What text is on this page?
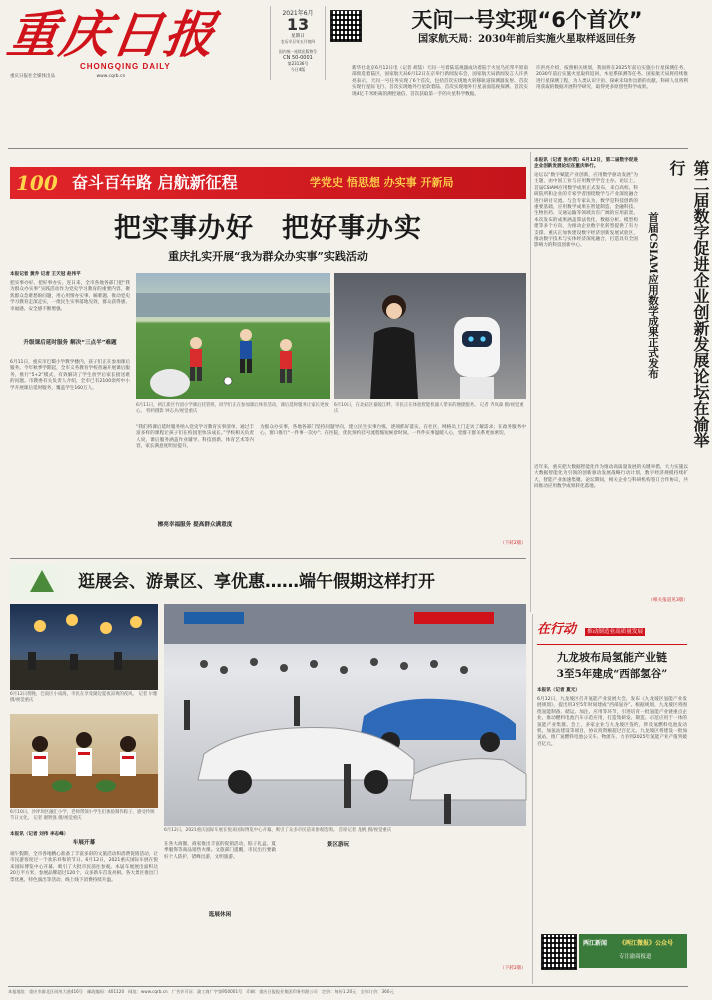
重庆日报
CHONGQING DAILY
重庆日报社全媒体出品	www.cqrb.cn
2021年6月
13
星期日
农历辛丑年五月初四
国内统一连续出版物号
CN 50-0001
第23136号
今日4版
天问一号实现“6个首次”
国家航天局：2030年前后实施火星取样返回任务
新华社北京6月12日电（记者 胡喆）天问一号着陆巡视器成功着陆于火星乌托邦平原南部预选着陆区，国家航天局6月12日在京举行新闻发布会，国家航天局新闻发言人许洪亮表示，天问一号任务实现了6个首次，包括首次实现地火转移轨道探测器发射、首次实现行星际飞行、首次实现地外行星软着陆、首次实现地外行星表面巡视探测、首次实现4亿千米距离的测控通信、首次获取第一手的火星科学数据。
许洪亮介绍，按照相关规划，我国将在2025年前后实施小行星探测任务，2030年前后实施火星取样返回、木星系探测等任务。国家航天局将持续推进行星探测工程，为人类认识宇宙、探索未知作出新的贡献。科研人员将利用获取的数据开展科学研究，取得更多原创性科学成果。
100 奋斗百年路 启航新征程	学党史 悟思想 办实事 开新局
把实事办好　把好事办实
重庆扎实开展“我为群众办实事”实践活动
本报记者 黄乔 记者 王天冠 赵伟平
把实事办好、把好事办实。连日来，全市各地各部门把“我为群众办实事”实践活动作为党史学习教育的重要内容，聚焦群众急难愁盼问题，用心用情办实事、解难题，推动党史学习教育走深走实，一批民生实事落地见效，群众获得感、幸福感、安全感不断增强。
升级课后延时服务 解决“三点半”难题
6月11日，重庆市巴蜀小学教学楼内，孩子们正在参加课后服务。今年秋季学期起，全市义务教育学校普遍开展课后服务，推行“5+2”模式，有效解决了学生放学后家长接送难的问题。市教委有关负责人介绍，全市已有2100余所中小学开展课后延时服务，覆盖学生160万人。
6月11日，两江新区竹园小学课后托管班，同学们正在参加课后体育活动，课后延时服务让家长更放心。 特约摄影 钟志兵/视觉重庆
6月10日，在北碚区嘉陵江畔，市民正在体验智能机器人带来的便捷服务。 记者 齐岚森 摄/视觉重庆
“我们将课后延时服务纳入党史学习教育实事清单，通过丰富多样的课程让孩子们在校园里快乐成长。”学校相关负责人说，课后服务涵盖作业辅导、科技创新、体育艺术等内容，家长满意度明显提升。
擦亮幸福服务 提高群众满意度
为群众办实事，各地各部门坚持问题导向，建立民生实事台账，逐项抓好落实。在社区，网格员上门走访了解需求；在政务服务中心，窗口推行“一件事一次办”；在医院，优化预约挂号流程缩短候诊时间。一件件实事温暖人心，党群干群关系更加密切。
（下转2版）
本报讯（记者 张亦筑）6月12日，第二届数字促进企业创新发展论坛在重庆举行。
论坛以“数字赋能产业创新，应用数学驱动发展”为主题，由中国工业与应用数学学会主办。论坛上，首届CSIAM应用数学成果正式发布，来自高校、科研院所和企业的专家学者围绕数学与产业深度融合进行研讨交流。与会专家认为，数学是科技创新的重要基础，应用数学成果在智能制造、金融科技、生物医药、交通运输等领域具有广阔的应用前景。本次发布的成果涵盖算法优化、数据分析、模型构建等多个方向，为推动企业数字化转型提供了有力支撑。重庆正加快建设数字经济创新发展试验区，推动数字技术与实体经济深度融合，打造具有全国影响力的科技创新中心。
近年来，重庆把大数据智能化作为推动高质量发展的关键举措，大力实施以大数据智能化为引领的创新驱动发展战略行动计划，数字经济规模持续扩大，智能产业加速集聚。论坛期间，相关企业与科研机构签订合作协议，共同推动应用数学成果转化落地。
第二届数字促进企业创新发展论坛在渝举行
首届CSIAM应用数学成果正式发布
（相关报道见3版）
逛展会、游景区、享优惠……端午假期这样打开
6月12日傍晚，巴南区小南海，市民在享受湖边夏夜凉爽的夜风。 记者 尔雅 摄/视觉重庆
6月10日，沙坪坝区融汇小学，老师带领小学生们体验制作粽子，感受传统节日文化。 记者 谢智强 摄/视觉重庆
6月12日，2021重庆国际车展在悦来国际博览中心开幕，吸引了众多市民前来参观选购。 首席记者 龙帆 摄/视觉重庆
本报讯（记者 刘伟 李志峰）
车展开幕
端午假期，全市各地精心准备了丰富多彩的文旅活动和消费促销活动，让市民游客度过一个欢乐祥和的节日。6月12日，2021重庆国际车展在悦来国际博览中心开幕，吸引了大批市民前往参观。本届车展展出面积达20万平方米，参展品牌超过120个，众多新车首发亮相。各大景区推出门票优惠、特色演出等活动，线上线下消费持续升温。
在各大商圈，商家推出丰富的促销活动，粽子礼盒、夏季服饰等商品销售火爆。文旅部门提醒，市民出行要做好个人防护，错峰出游，文明旅游。
逛展休闲
景区游玩
（下转2版）
在行动 推动制造业高质量发展
九龙坡布局氢能产业链
3至5年建成“西部氢谷”
本报讯（记者 夏元）
6月12日，九龙坡区召开氢能产业发展大会，发布《九龙坡区氢能产业发展规划》，提出用3至5年时间建成“西部氢谷”。根据规划，九龙坡区将围绕氢能制备、储运、加注、应用等环节，引进培育一批氢能产业链重点企业，推动燃料电池汽车示范应用，打造集研发、制造、示范应用于一体的氢能产业集群。会上，多家企业与九龙坡区签约，涉及氢燃料电池发动机、加氢站建设等项目，协议投资额超过百亿元。九龙坡区将建设一批加氢站，推广氢燃料电池公交车、物流车，力争到2025年氢能产业产值突破百亿元。
两江新闻 《两江微报》公众号
专注渝商报道
本报地址：重庆市渝北区同茂大道416号　邮政编码：401120　网址：www.cqrb.cn　广告许可证：渝工商广字第950001号　印刷：重庆日报报业集团印务有限公司　定价：每份1.20元　全年订价：360元
